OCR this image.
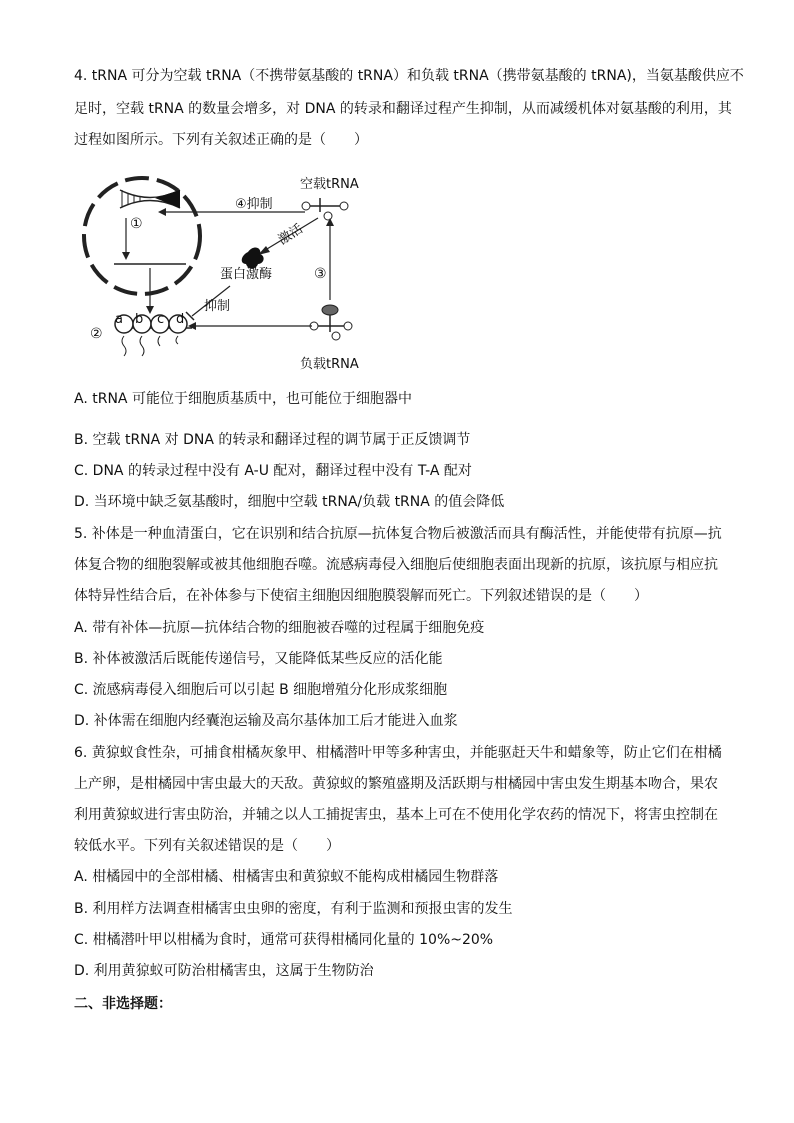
4. tRNA 可分为空载 tRNA（不携带氨基酸的 tRNA）和负载 tRNA（携带氨基酸的 tRNA)，当氨基酸供应不
足时，空载 tRNA 的数量会增多，对 DNA 的转录和翻译过程产生抑制，从而减缓机体对氨基酸的利用，其
过程如图所示。下列有关叙述正确的是（　　）
①
a b c d
②
空载tRNA
④抑制
激活
蛋白激酶
抑制
③
负载tRNA
A. tRNA 可能位于细胞质基质中，也可能位于细胞器中
B. 空载 tRNA 对 DNA 的转录和翻译过程的调节属于正反馈调节
C. DNA 的转录过程中没有 A-U 配对，翻译过程中没有 T-A 配对
D. 当环境中缺乏氨基酸时，细胞中空载 tRNA/负载 tRNA 的值会降低
5. 补体是一种血清蛋白，它在识别和结合抗原—抗体复合物后被激活而具有酶活性，并能使带有抗原—抗
体复合物的细胞裂解或被其他细胞吞噬。流感病毒侵入细胞后使细胞表面出现新的抗原，该抗原与相应抗
体特异性结合后，在补体参与下使宿主细胞因细胞膜裂解而死亡。下列叙述错误的是（　　）
A. 带有补体—抗原—抗体结合物的细胞被吞噬的过程属于细胞免疫
B. 补体被激活后既能传递信号，又能降低某些反应的活化能
C. 流感病毒侵入细胞后可以引起 B 细胞增殖分化形成浆细胞
D. 补体需在细胞内经囊泡运输及高尔基体加工后才能进入血浆
6. 黄猄蚁食性杂，可捕食柑橘灰象甲、柑橘潜叶甲等多种害虫，并能驱赶天牛和蜡象等，防止它们在柑橘
上产卵，是柑橘园中害虫最大的天敌。黄猄蚁的繁殖盛期及活跃期与柑橘园中害虫发生期基本吻合，果农
利用黄猄蚁进行害虫防治，并辅之以人工捕捉害虫，基本上可在不使用化学农药的情况下，将害虫控制在
较低水平。下列有关叙述错误的是（　　）
A. 柑橘园中的全部柑橘、柑橘害虫和黄猄蚁不能构成柑橘园生物群落
B. 利用样方法调查柑橘害虫虫卵的密度，有利于监测和预报虫害的发生
C. 柑橘潜叶甲以柑橘为食时，通常可获得柑橘同化量的 10%~20%
D. 利用黄猄蚁可防治柑橘害虫，这属于生物防治
二、非选择题：
